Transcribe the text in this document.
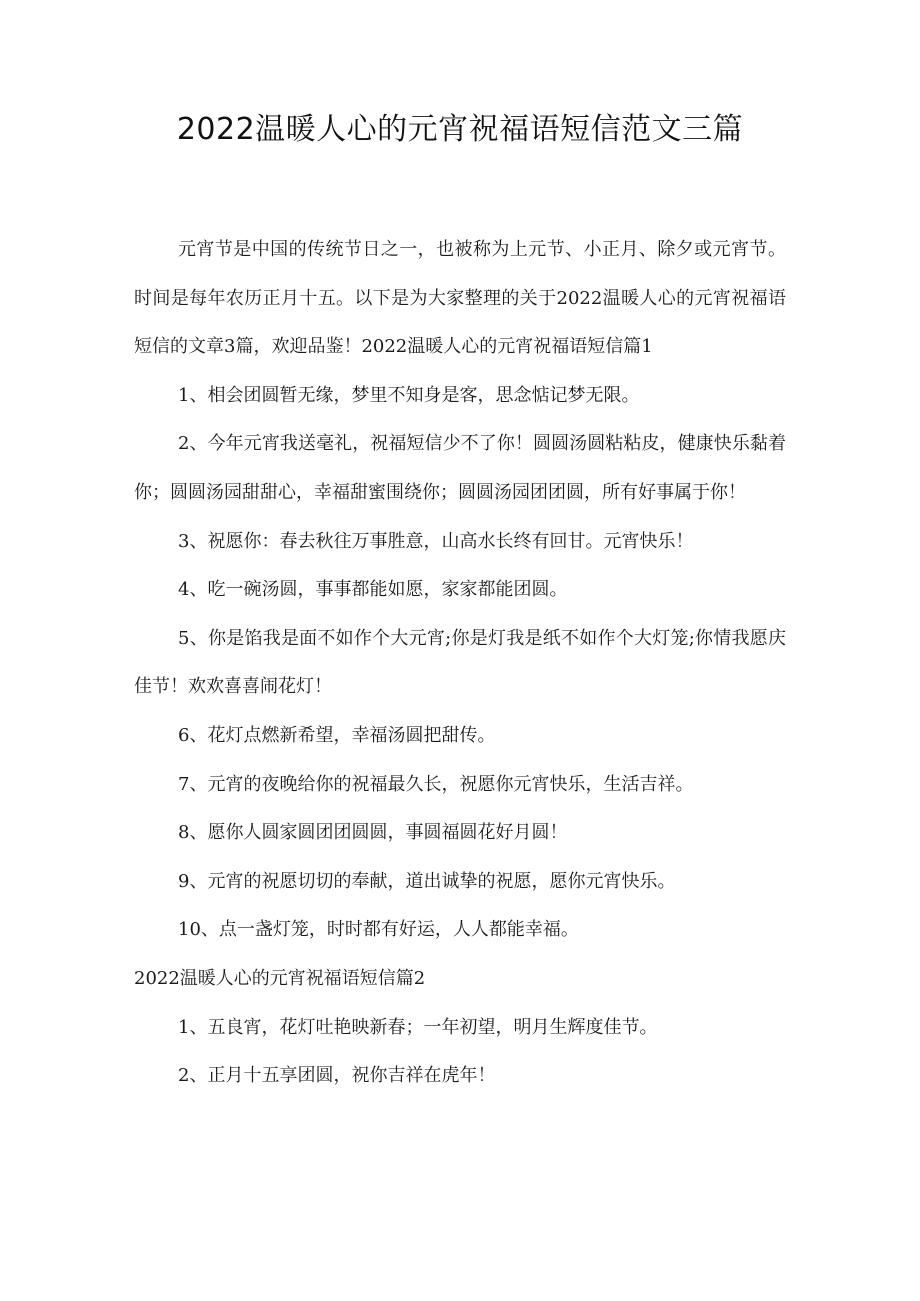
2022温暖人心的元宵祝福语短信范文三篇

元宵节是中国的传统节日之一，也被称为上元节、小正月、除夕或元宵节。时间是每年农历正月十五。以下是为大家整理的关于2022温暖人心的元宵祝福语短信的文章3篇，欢迎品鉴！2022温暖人心的元宵祝福语短信篇1

1、相会团圆暂无缘，梦里不知身是客，思念惦记梦无限。

2、今年元宵我送毫礼，祝福短信少不了你！圆圆汤圆粘粘皮，健康快乐黏着你；圆圆汤园甜甜心，幸福甜蜜围绕你；圆圆汤园团团圆，所有好事属于你！

3、祝愿你：春去秋往万事胜意，山高水长终有回甘。元宵快乐！

4、吃一碗汤圆，事事都能如愿，家家都能团圆。

5、你是馅我是面不如作个大元宵;你是灯我是纸不如作个大灯笼;你情我愿庆佳节！欢欢喜喜闹花灯！

6、花灯点燃新希望，幸福汤圆把甜传。

7、元宵的夜晚给你的祝福最久长，祝愿你元宵快乐，生活吉祥。

8、愿你人圆家圆团团圆圆，事圆福圆花好月圆！

9、元宵的祝愿切切的奉献，道出诚挚的祝愿，愿你元宵快乐。

10、点一盏灯笼，时时都有好运，人人都能幸福。

2022温暖人心的元宵祝福语短信篇2

1、五良宵，花灯吐艳映新春；一年初望，明月生辉度佳节。

2、正月十五享团圆，祝你吉祥在虎年！
